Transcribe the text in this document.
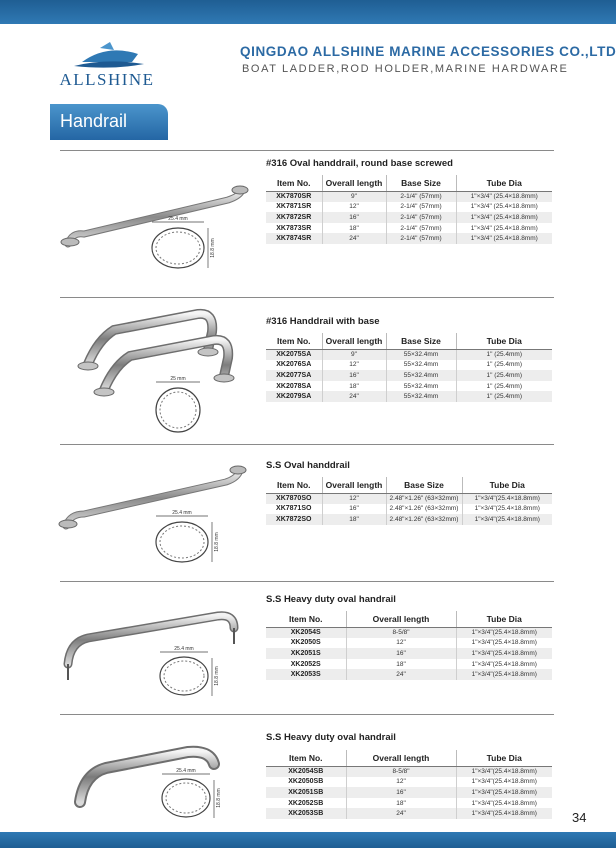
ALLSHINE
QINGDAO ALLSHINE MARINE ACCESSORIES CO.,LTD
BOAT LADDER,ROD HOLDER,MARINE HARDWARE
Handrail
#316 Oval handdrail, round base screwed
Item No.	Overall length	Base Size	Tube Dia
XK7870SR	9"	2-1/4" (57mm)	1"×3/4" (25.4×18.8mm)
XK7871SR	12"	2-1/4" (57mm)	1"×3/4" (25.4×18.8mm)
XK7872SR	16"	2-1/4" (57mm)	1"×3/4" (25.4×18.8mm)
XK7873SR	18"	2-1/4" (57mm)	1"×3/4" (25.4×18.8mm)
XK7874SR	24"	2-1/4" (57mm)	1"×3/4" (25.4×18.8mm)
25.4 mm
18.8 mm
#316 Handdrail with base
Item No.	Overall length	Base Size	Tube Dia
XK2075SA	9"	55×32.4mm	1" (25.4mm)
XK2076SA	12"	55×32.4mm	1" (25.4mm)
XK2077SA	16"	55×32.4mm	1" (25.4mm)
XK2078SA	18"	55×32.4mm	1" (25.4mm)
XK2079SA	24"	55×32.4mm	1" (25.4mm)
25 mm
S.S Oval handdrail
Item No.	Overall length	Base Size	Tube Dia
XK7870SO	12"	2.48"×1.26" (63×32mm)	1"×3/4"(25.4×18.8mm)
XK7871SO	16"	2.48"×1.26" (63×32mm)	1"×3/4"(25.4×18.8mm)
XK7872SO	18"	2.48"×1.26" (63×32mm)	1"×3/4"(25.4×18.8mm)
25.4 mm
18.8 mm
S.S Heavy duty oval handrail
Item No.	Overall length	Tube Dia
XK2054S	8-5/8"	1"×3/4"(25.4×18.8mm)
XK2050S	12"	1"×3/4"(25.4×18.8mm)
XK2051S	16"	1"×3/4"(25.4×18.8mm)
XK2052S	18"	1"×3/4"(25.4×18.8mm)
XK2053S	24"	1"×3/4"(25.4×18.8mm)
25.4 mm
18.8 mm
S.S Heavy duty oval handrail
Item No.	Overall length	Tube Dia
XK2054SB	8-5/8"	1"×3/4"(25.4×18.8mm)
XK2050SB	12"	1"×3/4"(25.4×18.8mm)
XK2051SB	16"	1"×3/4"(25.4×18.8mm)
XK2052SB	18"	1"×3/4"(25.4×18.8mm)
XK2053SB	24"	1"×3/4"(25.4×18.8mm)
25.4 mm
18.8 mm
34
